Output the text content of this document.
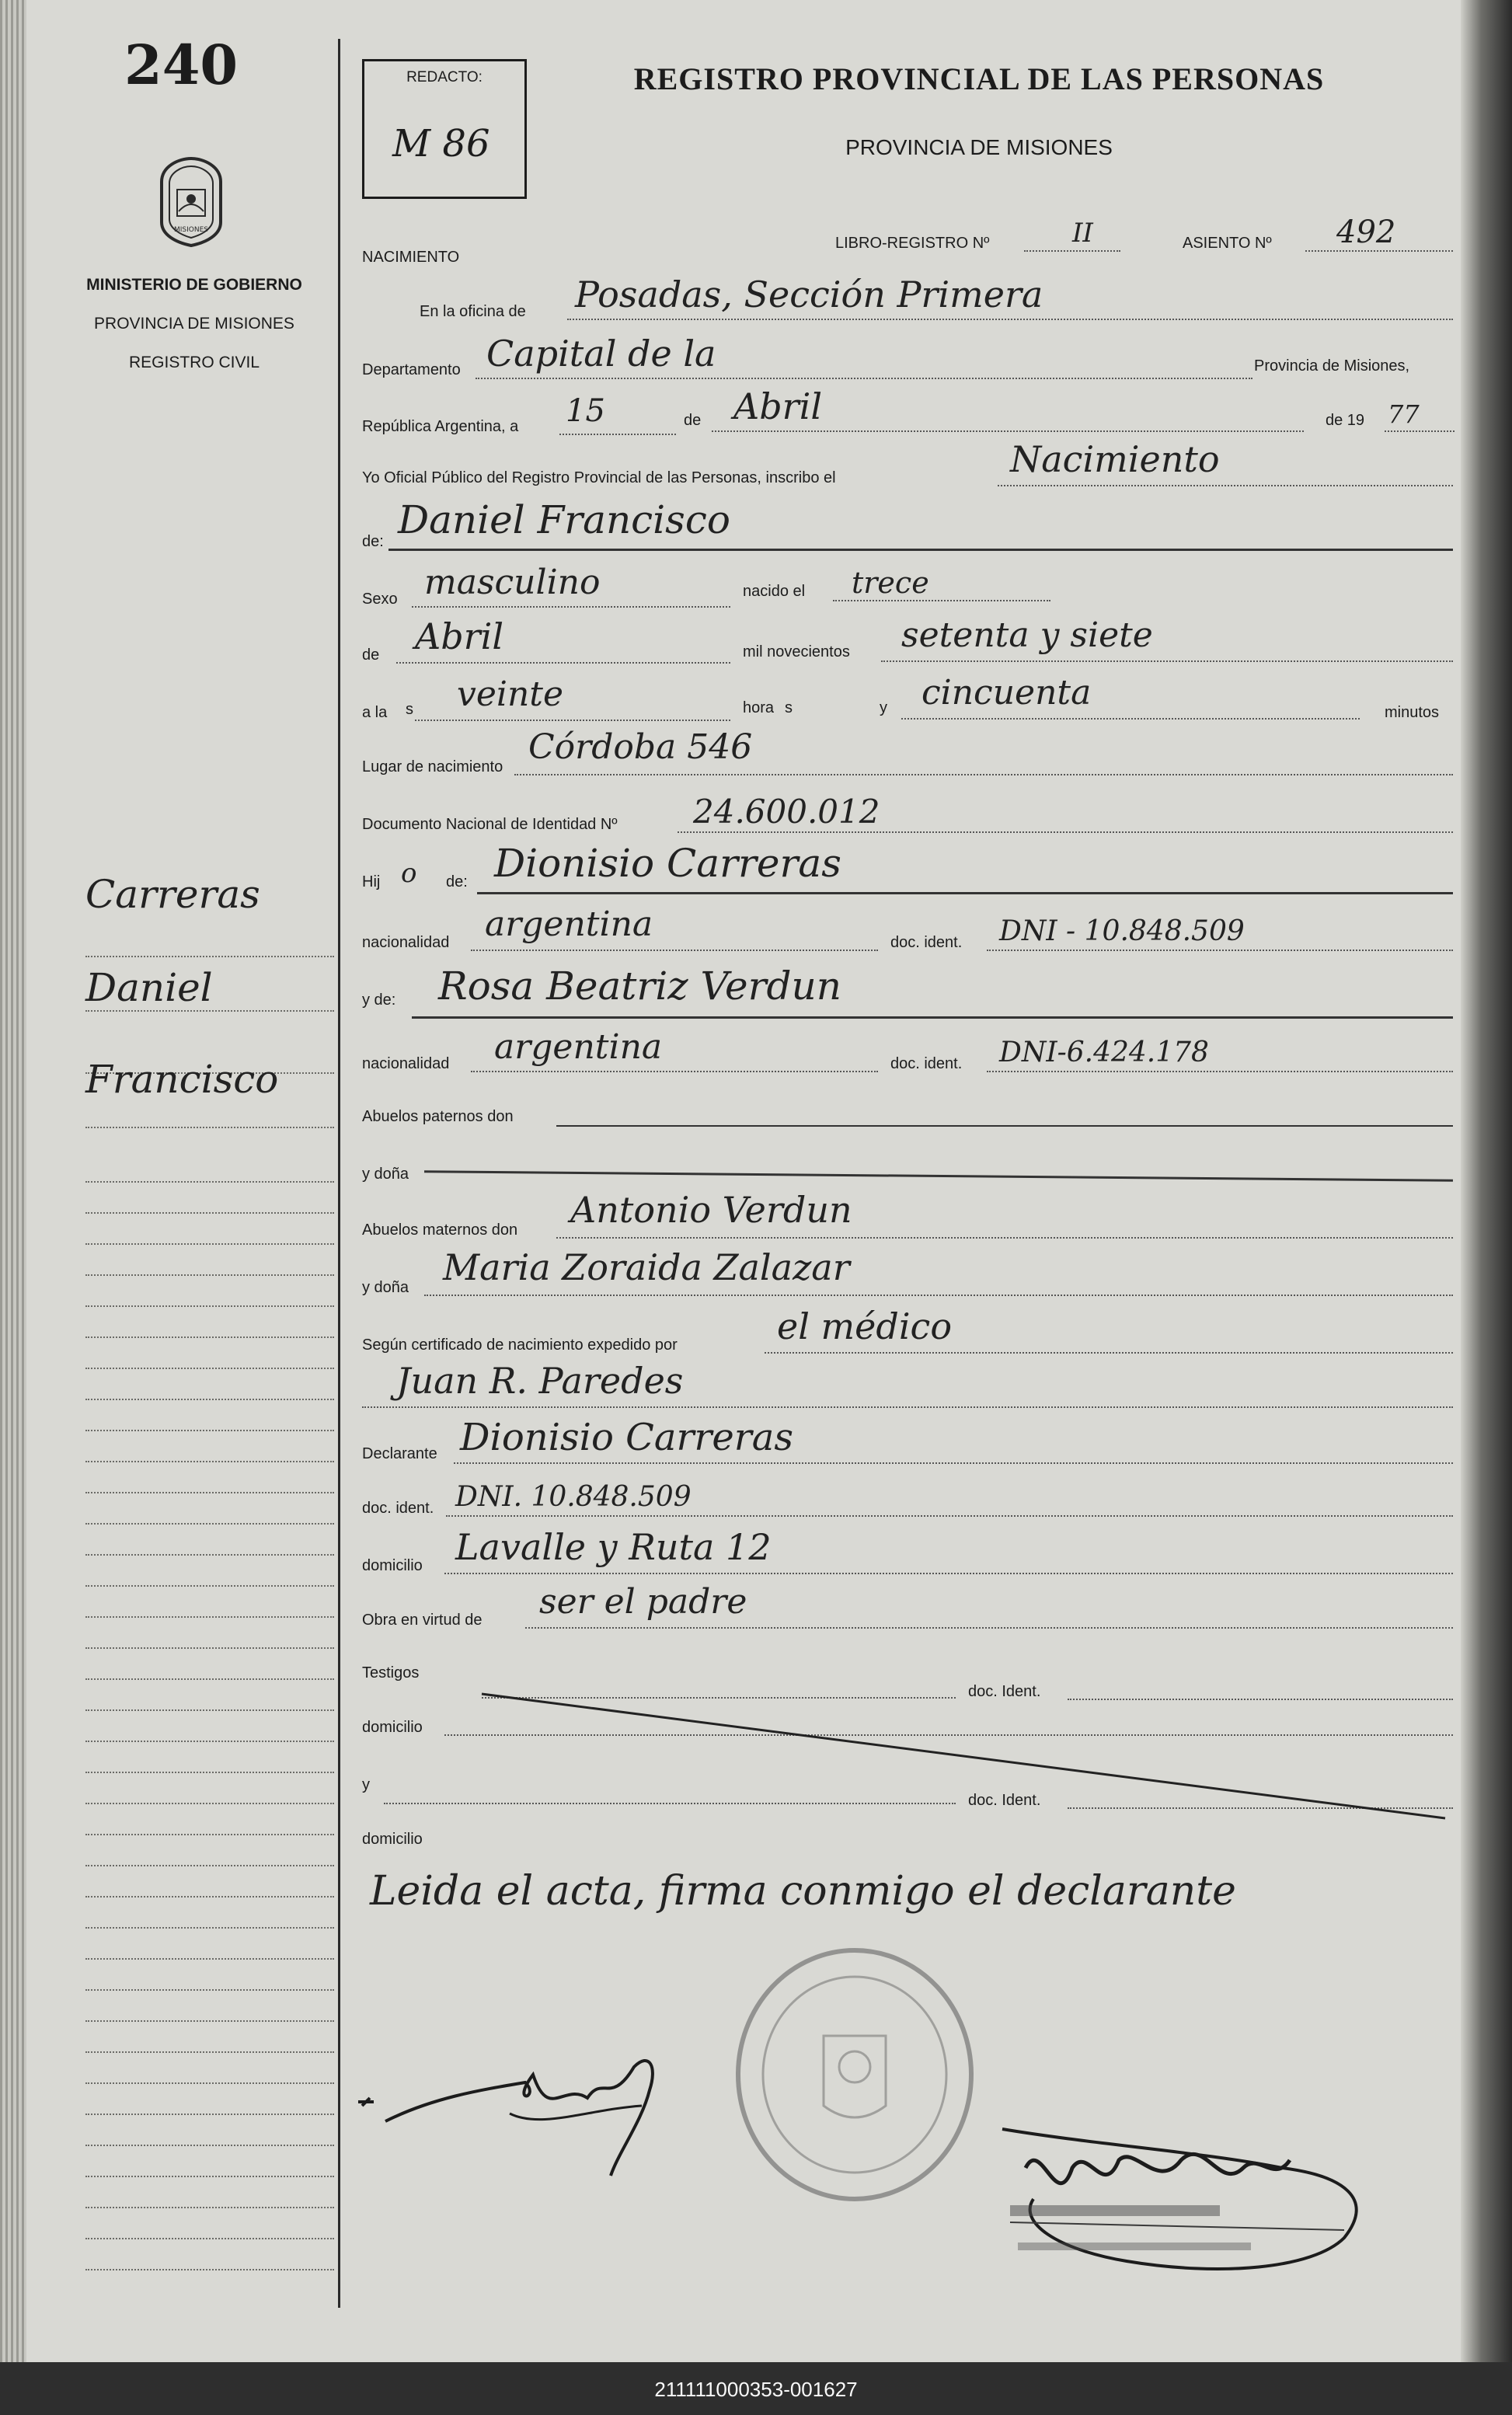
240
MISIONES
MINISTERIO DE GOBIERNO
PROVINCIA DE MISIONES
REGISTRO CIVIL
Carreras
Daniel
Francisco
REDACTO:
M 86
REGISTRO PROVINCIAL DE LAS PERSONAS
PROVINCIA DE MISIONES
NACIMIENTO
LIBRO-REGISTRO Nº	II	ASIENTO Nº 492
En la oficina de Posadas, Sección Primera
Departamento Capital de la	Provincia de Misiones,
República Argentina, a 15	de Abril	de 19 77
Yo Oficial Público del Registro Provincial de las Personas, inscribo el	Nacimiento
de: Daniel Francisco
Sexo masculino	nacido el trece
de Abril	mil novecientos setenta y siete
a la s veinte	hora s	y cincuenta	minutos
Lugar de nacimiento Córdoba 546
Documento Nacional de Identidad Nº 24.600.012
Hij o de: Dionisio Carreras
nacionalidad argentina	doc. ident. DNI - 10.848.509
y de: Rosa Beatriz Verdun
nacionalidad argentina	doc. ident. DNI-6.424.178
Abuelos paternos don
y doña
Abuelos maternos don Antonio Verdun
y doña Maria Zoraida Zalazar
Según certificado de nacimiento expedido por	el médico
Juan R. Paredes
Declarante Dionisio Carreras
doc. ident. DNI. 10.848.509
domicilio Lavalle y Ruta 12
Obra en virtud de ser el padre
Testigos
doc. Ident.
domicilio
y
doc. Ident.
domicilio
Leida el acta, firma conmigo el declarante
211111000353-001627
